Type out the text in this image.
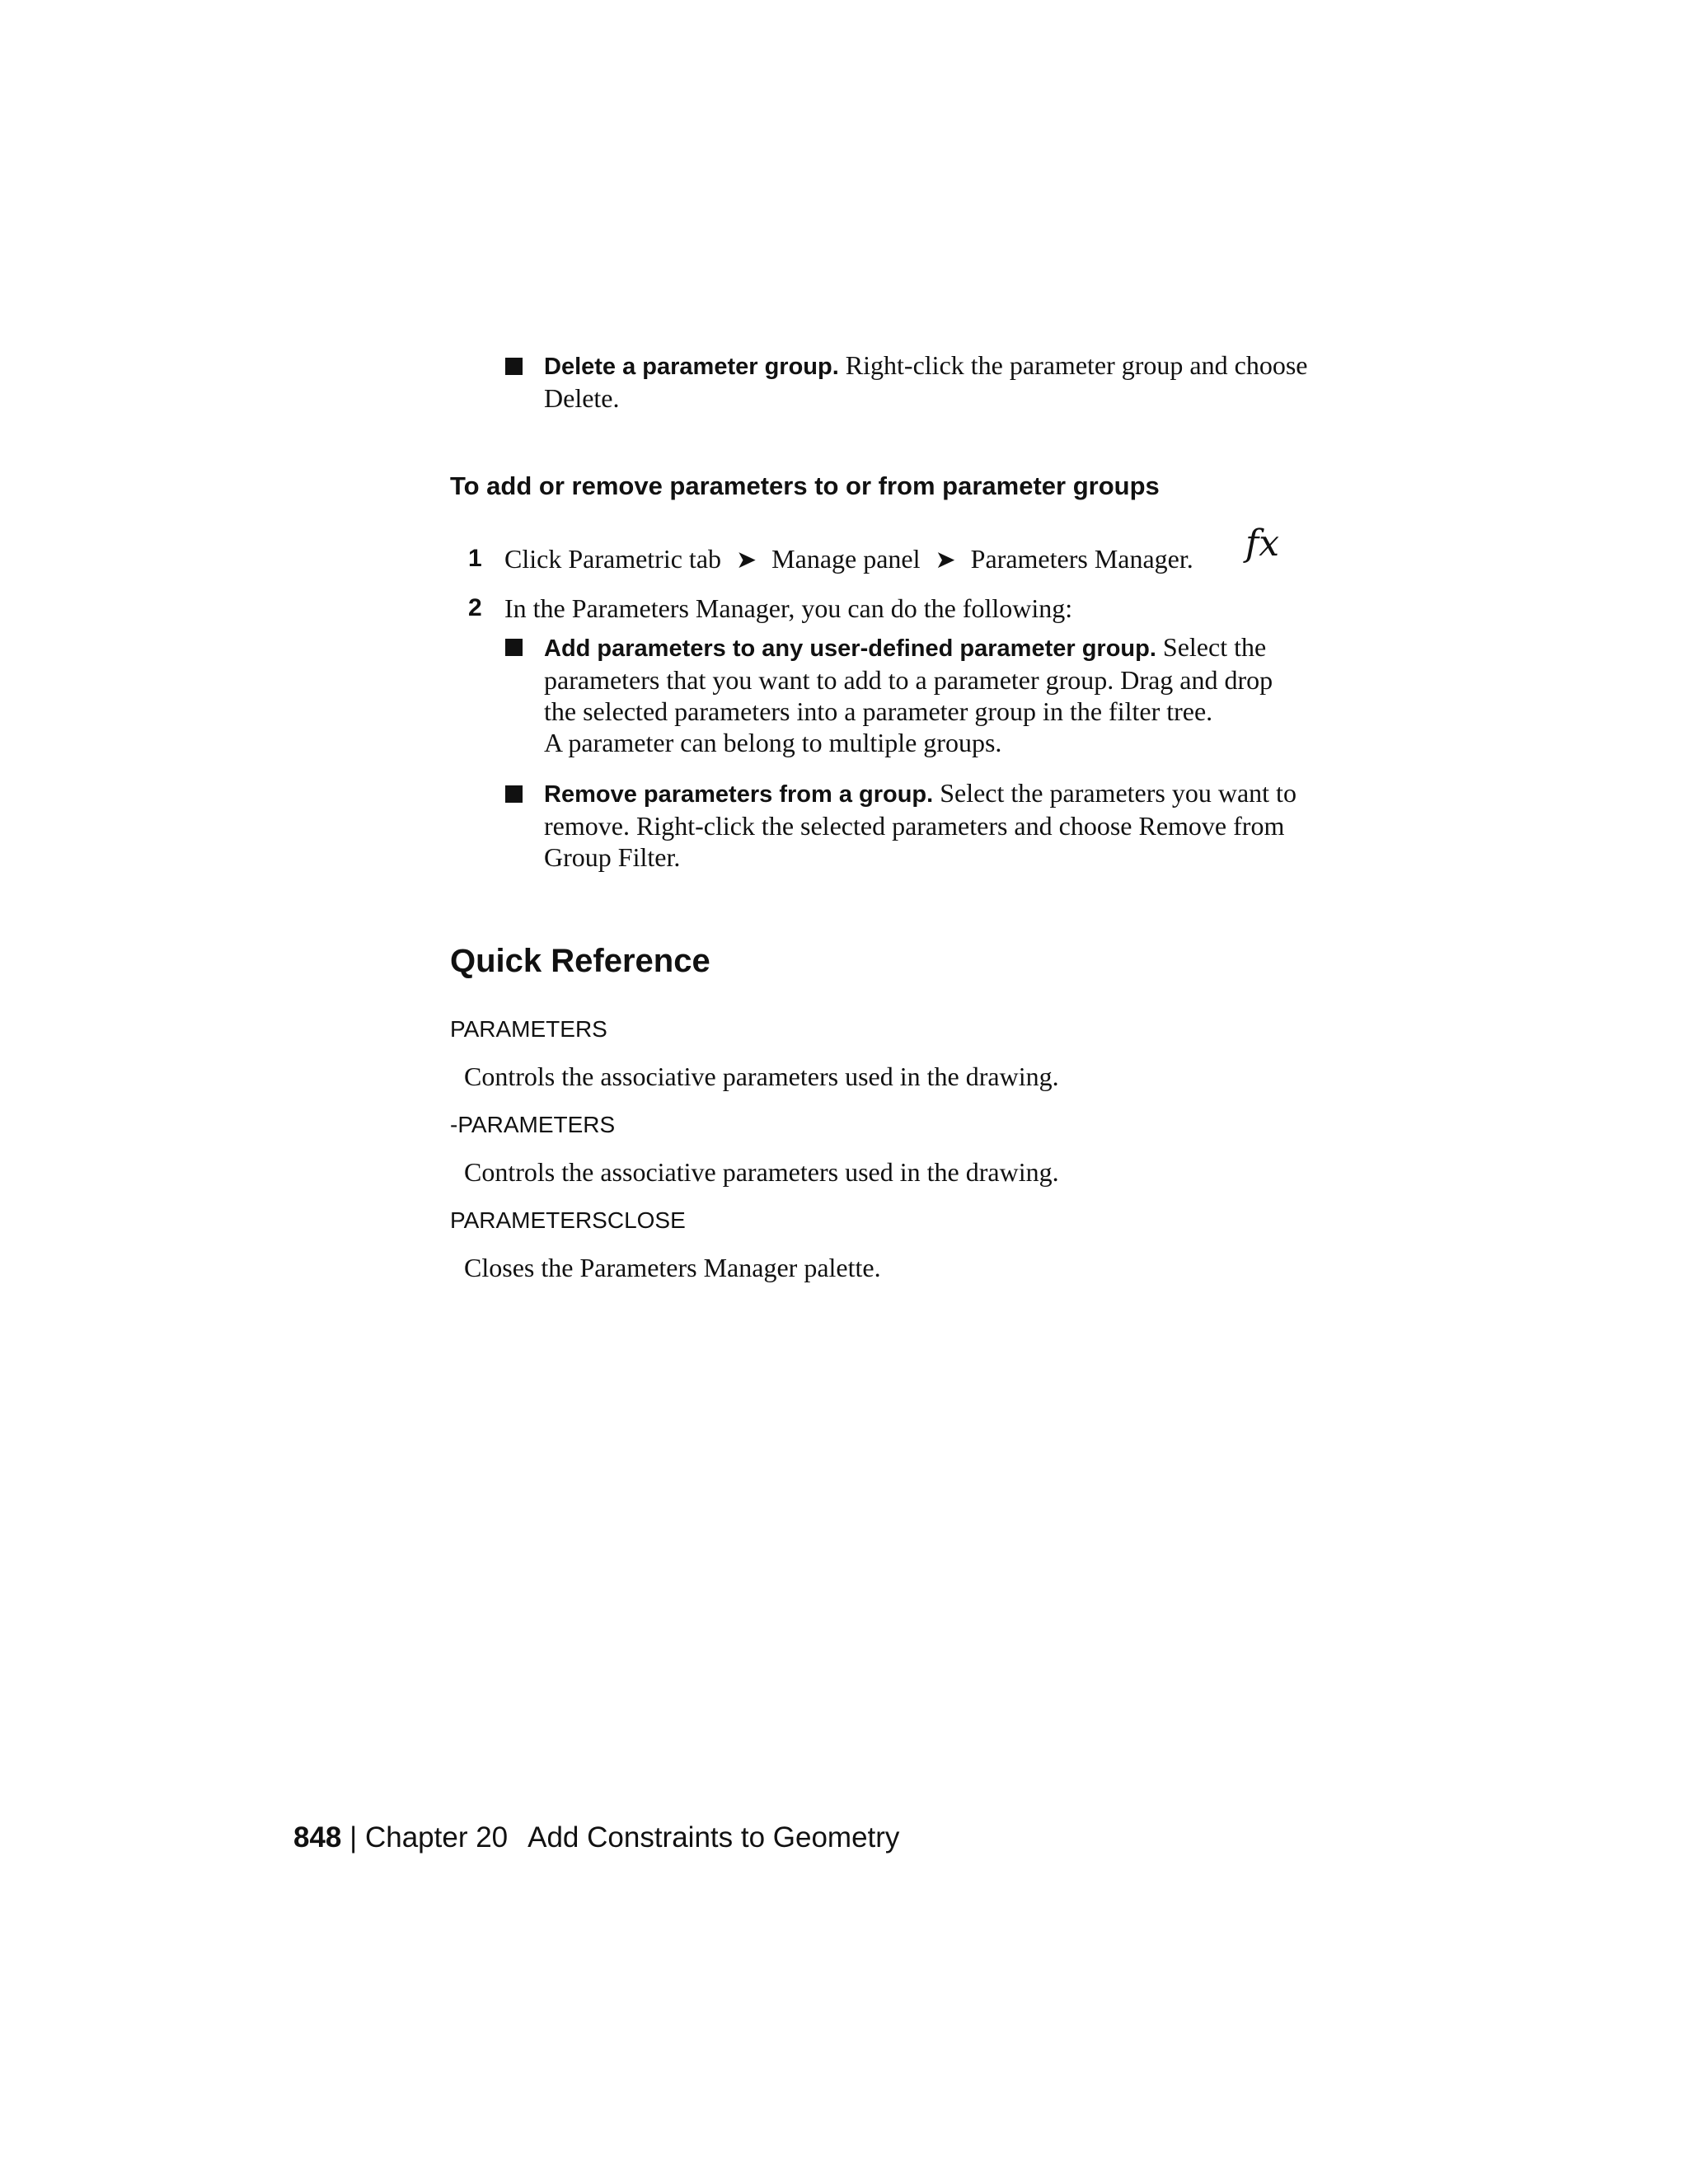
Delete a parameter group. Right-click the parameter group and choose
Delete.
To add or remove parameters to or from parameter groups
1 Click Parametric tab ➤ Manage panel ➤ Parameters Manager.	fx
2 In the Parameters Manager, you can do the following:
Add parameters to any user-defined parameter group. Select the
parameters that you want to add to a parameter group. Drag and drop
the selected parameters into a parameter group in the filter tree.
A parameter can belong to multiple groups.
Remove parameters from a group. Select the parameters you want to
remove. Right-click the selected parameters and choose Remove from
Group Filter.
Quick Reference
PARAMETERS
Controls the associative parameters used in the drawing.
-PARAMETERS
Controls the associative parameters used in the drawing.
PARAMETERSCLOSE
Closes the Parameters Manager palette.
848 | Chapter 20 Add Constraints to Geometry
